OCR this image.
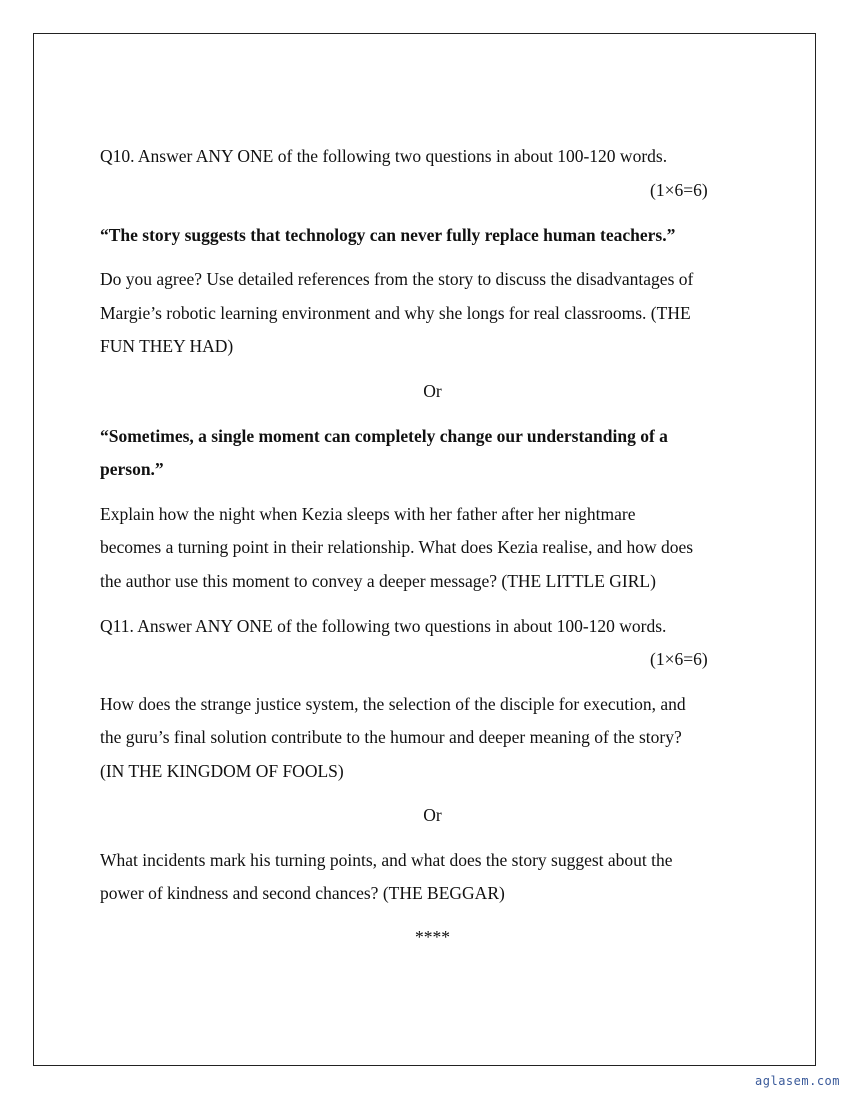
Q10. Answer ANY ONE of the following two questions in about 100-120 words.
(1×6=6)
“The story suggests that technology can never fully replace human teachers.”
Do you agree? Use detailed references from the story to discuss the disadvantages of
Margie’s robotic learning environment and why she longs for real classrooms. (THE
FUN THEY HAD)
Or
“Sometimes, a single moment can completely change our understanding of a
person.”
Explain how the night when Kezia sleeps with her father after her nightmare
becomes a turning point in their relationship. What does Kezia realise, and how does
the author use this moment to convey a deeper message? (THE LITTLE GIRL)
Q11. Answer ANY ONE of the following two questions in about 100-120 words.
(1×6=6)
How does the strange justice system, the selection of the disciple for execution, and
the guru’s final solution contribute to the humour and deeper meaning of the story?
(IN THE KINGDOM OF FOOLS)
Or
What incidents mark his turning points, and what does the story suggest about the
power of kindness and second chances? (THE BEGGAR)
****
aglasem.com
